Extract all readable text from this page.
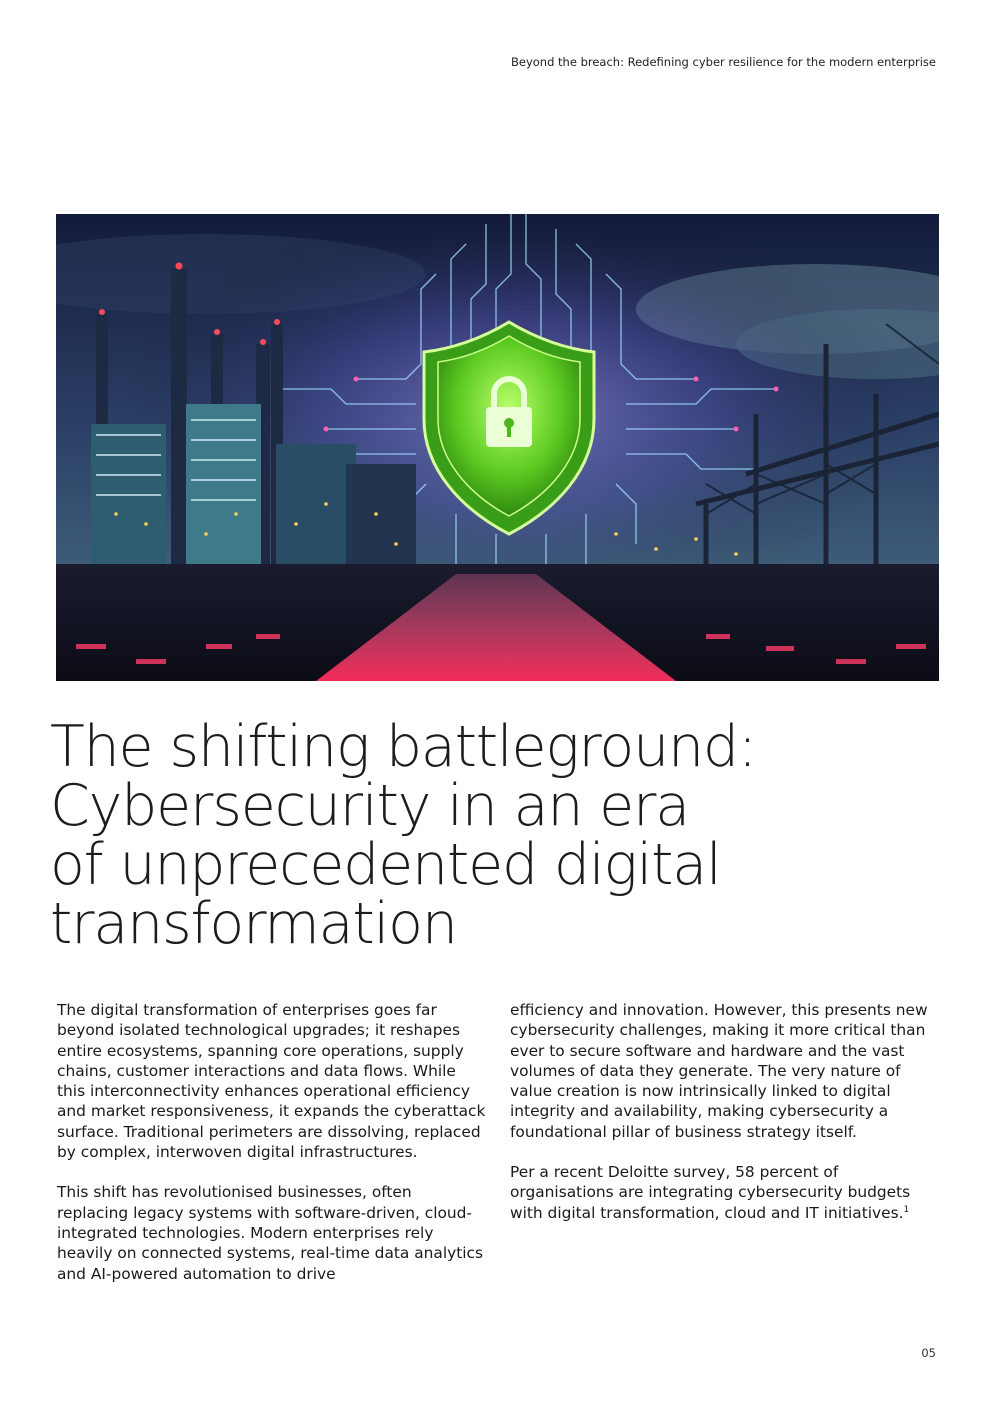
Beyond the breach: Redefining cyber resilience for the modern enterprise
The shifting battleground:
Cybersecurity in an era
of unprecedented digital
transformation

The digital transformation of enterprises goes far beyond isolated technological upgrades; it reshapes entire ecosystems, spanning core operations, supply chains, customer interactions and data flows. While this interconnectivity enhances operational efficiency and market responsiveness, it expands the cyberattack surface. Traditional perimeters are dissolving, replaced by complex, interwoven digital infrastructures.

This shift has revolutionised businesses, often replacing legacy systems with software-driven, cloud-integrated technologies. Modern enterprises rely heavily on connected systems, real-time data analytics and AI-powered automation to drive

efficiency and innovation. However, this presents new cybersecurity challenges, making it more critical than ever to secure software and hardware and the vast volumes of data they generate. The very nature of value creation is now intrinsically linked to digital integrity and availability, making cybersecurity a foundational pillar of business strategy itself.

Per a recent Deloitte survey, 58 percent of organisations are integrating cybersecurity budgets with digital transformation, cloud and IT initiatives.$^1$

05
